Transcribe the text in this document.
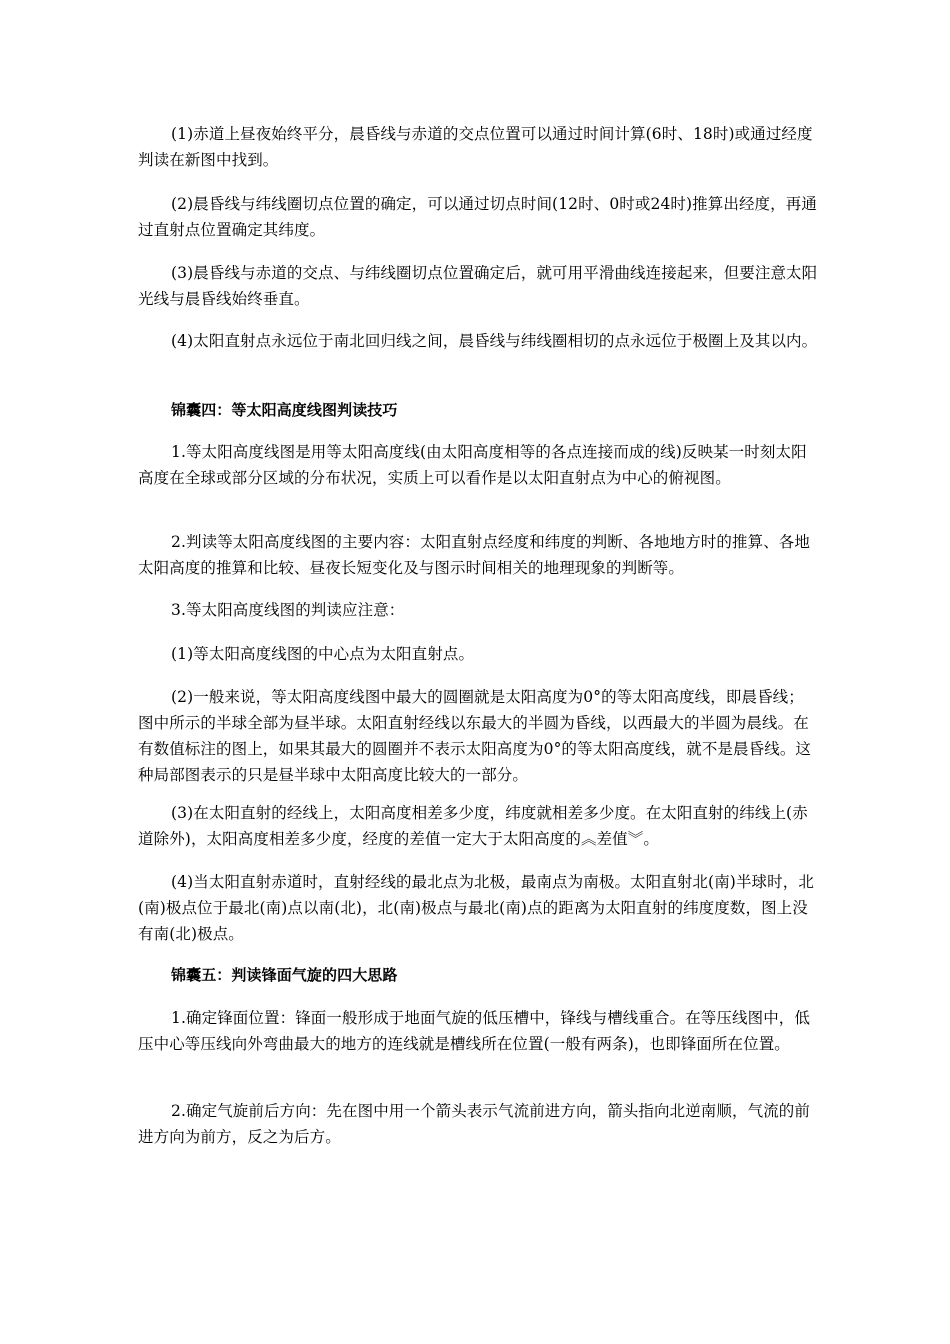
(1)赤道上昼夜始终平分，晨昏线与赤道的交点位置可以通过时间计算(6时、18时)或通过经度判读在新图中找到。

(2)晨昏线与纬线圈切点位置的确定，可以通过切点时间(12时、0时或24时)推算出经度，再通过直射点位置确定其纬度。

(3)晨昏线与赤道的交点、与纬线圈切点位置确定后，就可用平滑曲线连接起来，但要注意太阳光线与晨昏线始终垂直。

(4)太阳直射点永远位于南北回归线之间，晨昏线与纬线圈相切的点永远位于极圈上及其以内。

锦囊四：等太阳高度线图判读技巧

1.等太阳高度线图是用等太阳高度线(由太阳高度相等的各点连接而成的线)反映某一时刻太阳高度在全球或部分区域的分布状况，实质上可以看作是以太阳直射点为中心的俯视图。

2.判读等太阳高度线图的主要内容：太阳直射点经度和纬度的判断、各地地方时的推算、各地太阳高度的推算和比较、昼夜长短变化及与图示时间相关的地理现象的判断等。

3.等太阳高度线图的判读应注意：

(1)等太阳高度线图的中心点为太阳直射点。

(2)一般来说，等太阳高度线图中最大的圆圈就是太阳高度为0°的等太阳高度线，即晨昏线；图中所示的半球全部为昼半球。太阳直射经线以东最大的半圆为昏线，以西最大的半圆为晨线。在有数值标注的图上，如果其最大的圆圈并不表示太阳高度为0°的等太阳高度线，就不是晨昏线。这种局部图表示的只是昼半球中太阳高度比较大的一部分。

(3)在太阳直射的经线上，太阳高度相差多少度，纬度就相差多少度。在太阳直射的纬线上(赤道除外)，太阳高度相差多少度，经度的差值一定大于太阳高度的︽差值︾。

(4)当太阳直射赤道时，直射经线的最北点为北极，最南点为南极。太阳直射北(南)半球时，北(南)极点位于最北(南)点以南(北)，北(南)极点与最北(南)点的距离为太阳直射的纬度度数，图上没有南(北)极点。

锦囊五：判读锋面气旋的四大思路

1.确定锋面位置：锋面一般形成于地面气旋的低压槽中，锋线与槽线重合。在等压线图中，低压中心等压线向外弯曲最大的地方的连线就是槽线所在位置(一般有两条)，也即锋面所在位置。

2.确定气旋前后方向：先在图中用一个箭头表示气流前进方向，箭头指向北逆南顺，气流的前进方向为前方，反之为后方。
